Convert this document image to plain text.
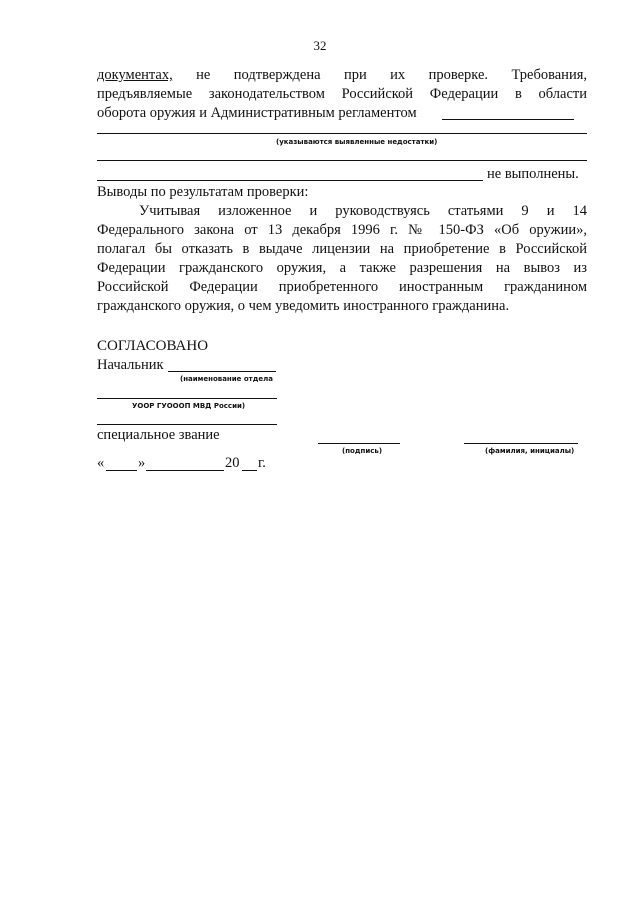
32
документах, не подтверждена при их проверке. Требования,
предъявляемые законодательством Российской Федерации в области
оборота оружия и Административным регламентом
(указываются выявленные недостатки)
не выполнены.
Выводы по результатам проверки:
Учитывая изложенное и руководствуясь статьями 9 и 14
Федерального закона от 13 декабря 1996 г. № 150-ФЗ «Об оружии»,
полагал бы отказать в выдаче лицензии на приобретение в Российской
Федерации гражданского оружия, а также разрешения на вывоз из
Российской Федерации приобретенного иностранным гражданином
гражданского оружия, о чем уведомить иностранного гражданина.
СОГЛАСОВАНО
Начальник
(наименование отдела
УООР ГУОООП МВД России)
специальное звание
(подпись)	(фамилия, инициалы)
« »	20 г.
